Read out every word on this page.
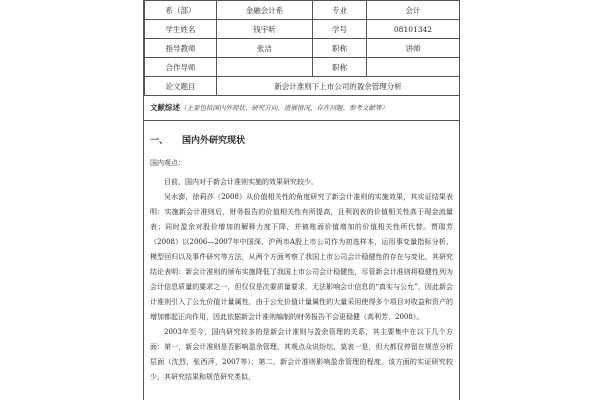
系（部）	金融会计系	专业	会计
学生姓名	钱宇昕	学号	08101342
指导教师	张洁	职称	讲师
合作导师		职称	
论文题目	新会计准则下上市公司的盈余管理分析		
文献综述（主要包括国内外现状、研究方向、进展情况、存在问题、参考文献等）
一、 国内外研究现状

国内观点：

目前，国内对于新会计准则实施的效果研究较少。

吴水澎，徐莉莎（2008）从价值相关性的角度研究了新会计准则的实施效果，其实证结果表明：实施新会计准则后，财务报告的价值相关性有所提高，且利润表的价值相关性高于现金流量表；同时盈余对股价增加的解释力度下降，并被账面价值增加的价值相关性所代替。贾瑞芳（2008）以2006—2007年中国深、沪两市A股上市公司作为初选样本，运用事变量指标分析、模型回归以及事件研究等方法，从两个方面考察了我国上市公司会计稳健性的存在与变化，其研究结论表明：新会计准则的颁布实施降低了我国上市公司会计稳健性，尽管新会计准则将稳健性列为会计信息质量的要求之一，但仅仅是次要质量要求，无法影响会计信息的“真实与公允”，因此新会计准则引入了公允价值计量属性，由于公允价值计量属性的大量采用使得多个项目对收益和资产的增加都起正向作用，因此依据新会计准则编制的财务报告不会更稳健（高利芳，2008）。

2003年至今，国内研究较多的是新会计准则与盈余管理的关系，其主要集中在以下几个方面：第一，新会计准则是否影响盈余管理，其观点众说纷纭，莫衷一是，但大都仅停留在规范分析层面（沈烈、张西萍，2007等）；第二，新会计准则影响盈余管理的程度，该方面的实证研究较少，其研究结果和规范研究类似，
